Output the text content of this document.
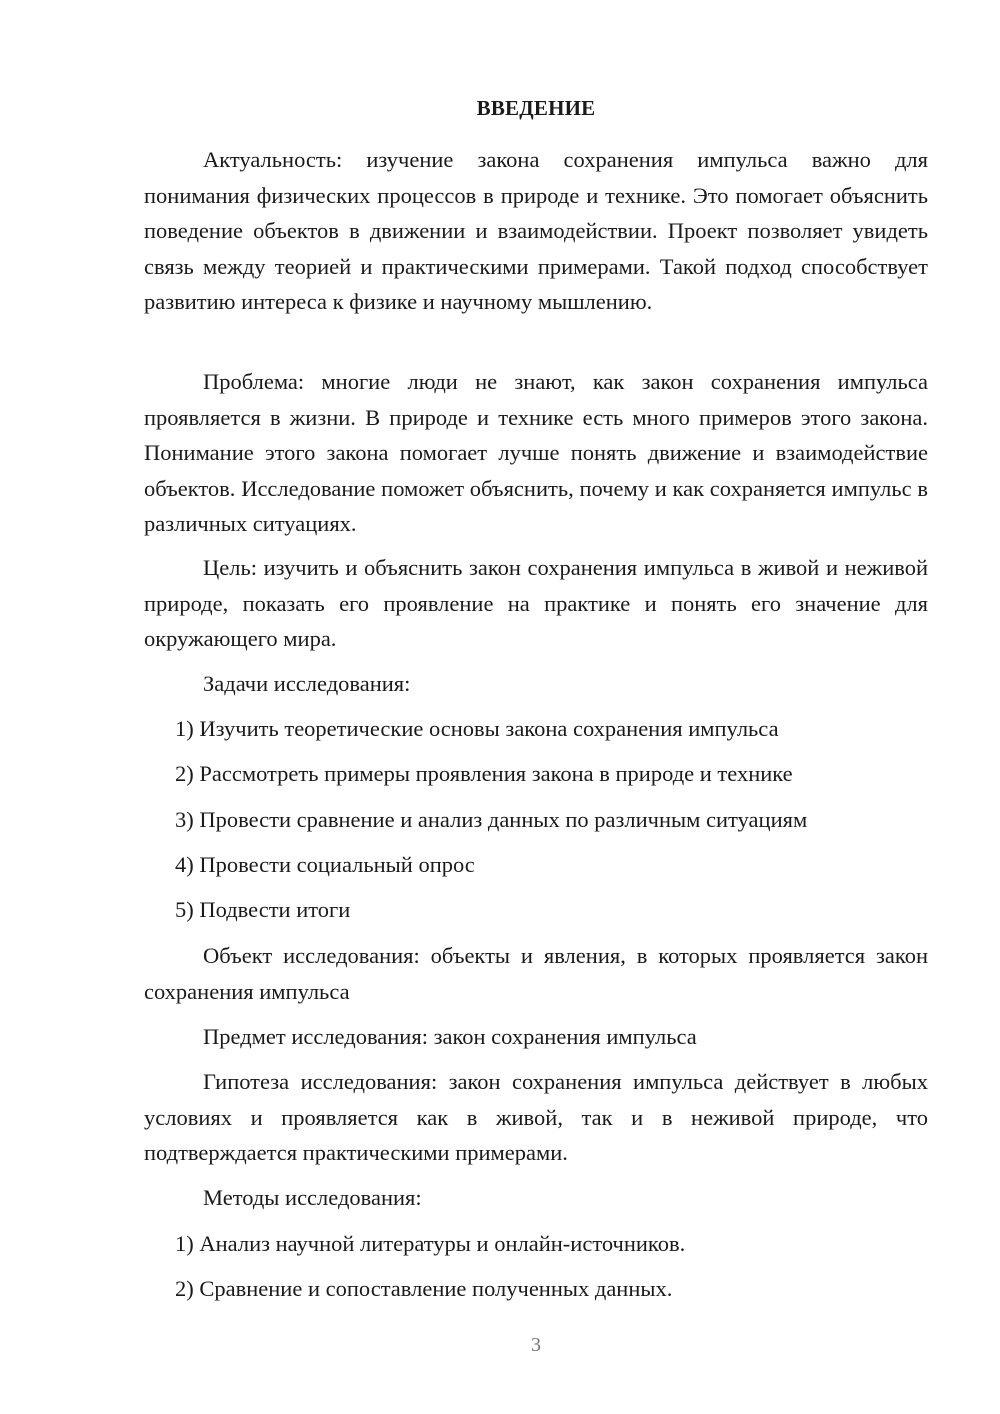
ВВЕДЕНИЕ

Актуальность: изучение закона сохранения импульса важно для понимания физических процессов в природе и технике. Это помогает объяснить поведение объектов в движении и взаимодействии. Проект позволяет увидеть связь между теорией и практическими примерами. Такой подход способствует развитию интереса к физике и научному мышлению.

Проблема: многие люди не знают, как закон сохранения импульса проявляется в жизни. В природе и технике есть много примеров этого закона. Понимание этого закона помогает лучше понять движение и взаимодействие объектов. Исследование поможет объяснить, почему и как сохраняется импульс в различных ситуациях.

Цель: изучить и объяснить закон сохранения импульса в живой и неживой природе, показать его проявление на практике и понять его значение для окружающего мира.

Задачи исследования:

1) Изучить теоретические основы закона сохранения импульса

2) Рассмотреть примеры проявления закона в природе и технике

3) Провести сравнение и анализ данных по различным ситуациям

4) Провести социальный опрос

5) Подвести итоги

Объект исследования: объекты и явления, в которых проявляется закон сохранения импульса

Предмет исследования: закон сохранения импульса

Гипотеза исследования: закон сохранения импульса действует в любых условиях и проявляется как в живой, так и в неживой природе, что подтверждается практическими примерами.

Методы исследования:

1) Анализ научной литературы и онлайн-источников.

2) Сравнение и сопоставление полученных данных.

3
